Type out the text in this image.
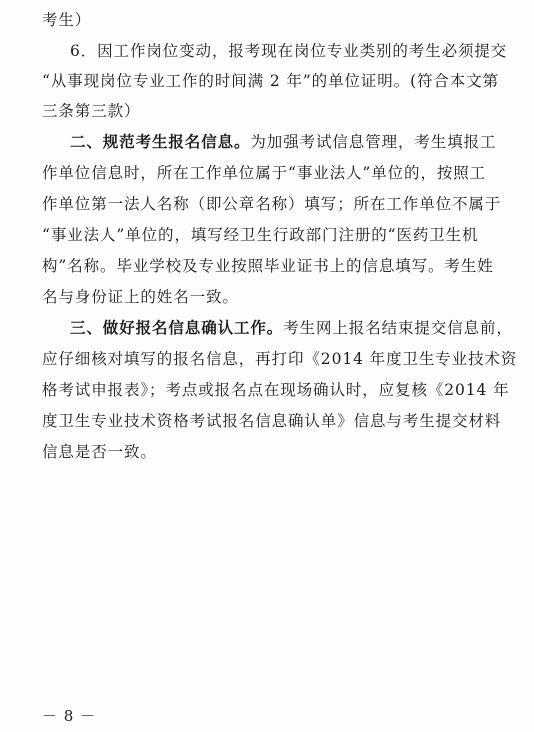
考生）
6．因工作岗位变动，报考现在岗位专业类别的考生必须提交
“从事现岗位专业工作的时间满 2 年”的单位证明。(符合本文第
三条第三款）
二、规范考生报名信息。为加强考试信息管理，考生填报工
作单位信息时，所在工作单位属于“事业法人”单位的，按照工
作单位第一法人名称（即公章名称）填写；所在工作单位不属于
“事业法人”单位的，填写经卫生行政部门注册的“医药卫生机
构”名称。毕业学校及专业按照毕业证书上的信息填写。考生姓
名与身份证上的姓名一致。
三、做好报名信息确认工作。考生网上报名结束提交信息前，
应仔细核对填写的报名信息，再打印《2014 年度卫生专业技术资
格考试申报表》；考点或报名点在现场确认时，应复核《2014 年
度卫生专业技术资格考试报名信息确认单》信息与考生提交材料
信息是否一致。
－ 8 －
